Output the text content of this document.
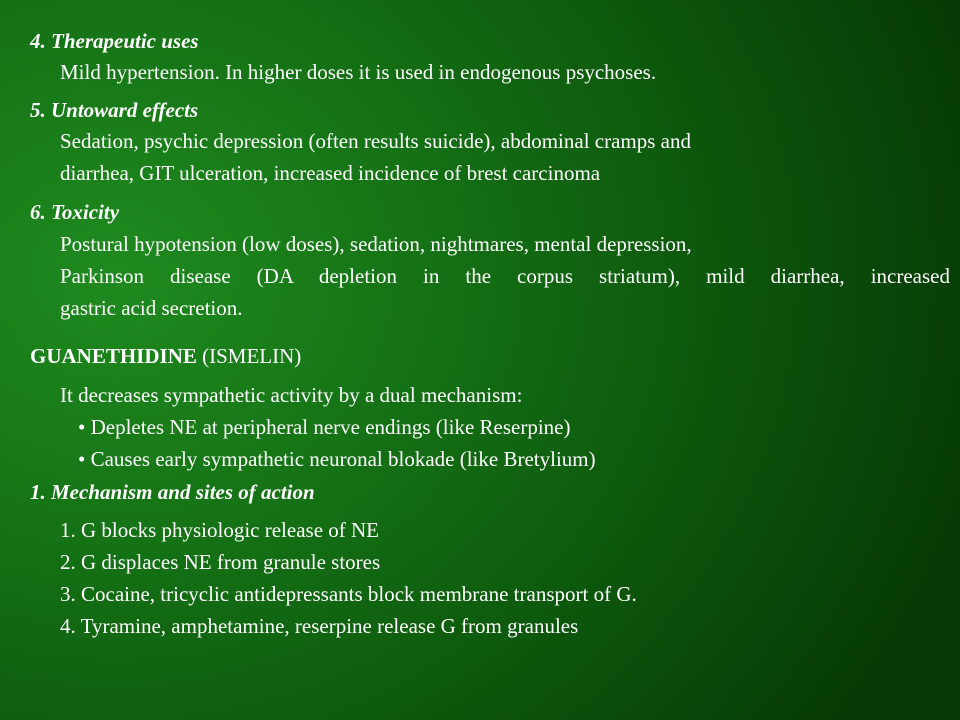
4. Therapeutic uses
Mild hypertension. In higher doses it is used in endogenous psychoses.
5. Untoward effects
Sedation, psychic depression (often results suicide), abdominal cramps and
diarrhea, GIT ulceration, increased incidence of brest carcinoma
6. Toxicity
Postural hypotension (low doses), sedation, nightmares, mental depression,
Parkinson disease (DA depletion in the corpus striatum), mild diarrhea, increased
gastric acid secretion.
GUANETHIDINE (ISMELIN)
It decreases sympathetic activity by a dual mechanism:
• Depletes NE at peripheral nerve endings (like Reserpine)
• Causes early sympathetic neuronal blokade (like Bretylium)
1. Mechanism and sites of action
1. G blocks physiologic release of NE
2. G displaces NE from granule stores
3. Cocaine, tricyclic antidepressants block membrane transport of G.
4. Tyramine, amphetamine, reserpine release G from granules
